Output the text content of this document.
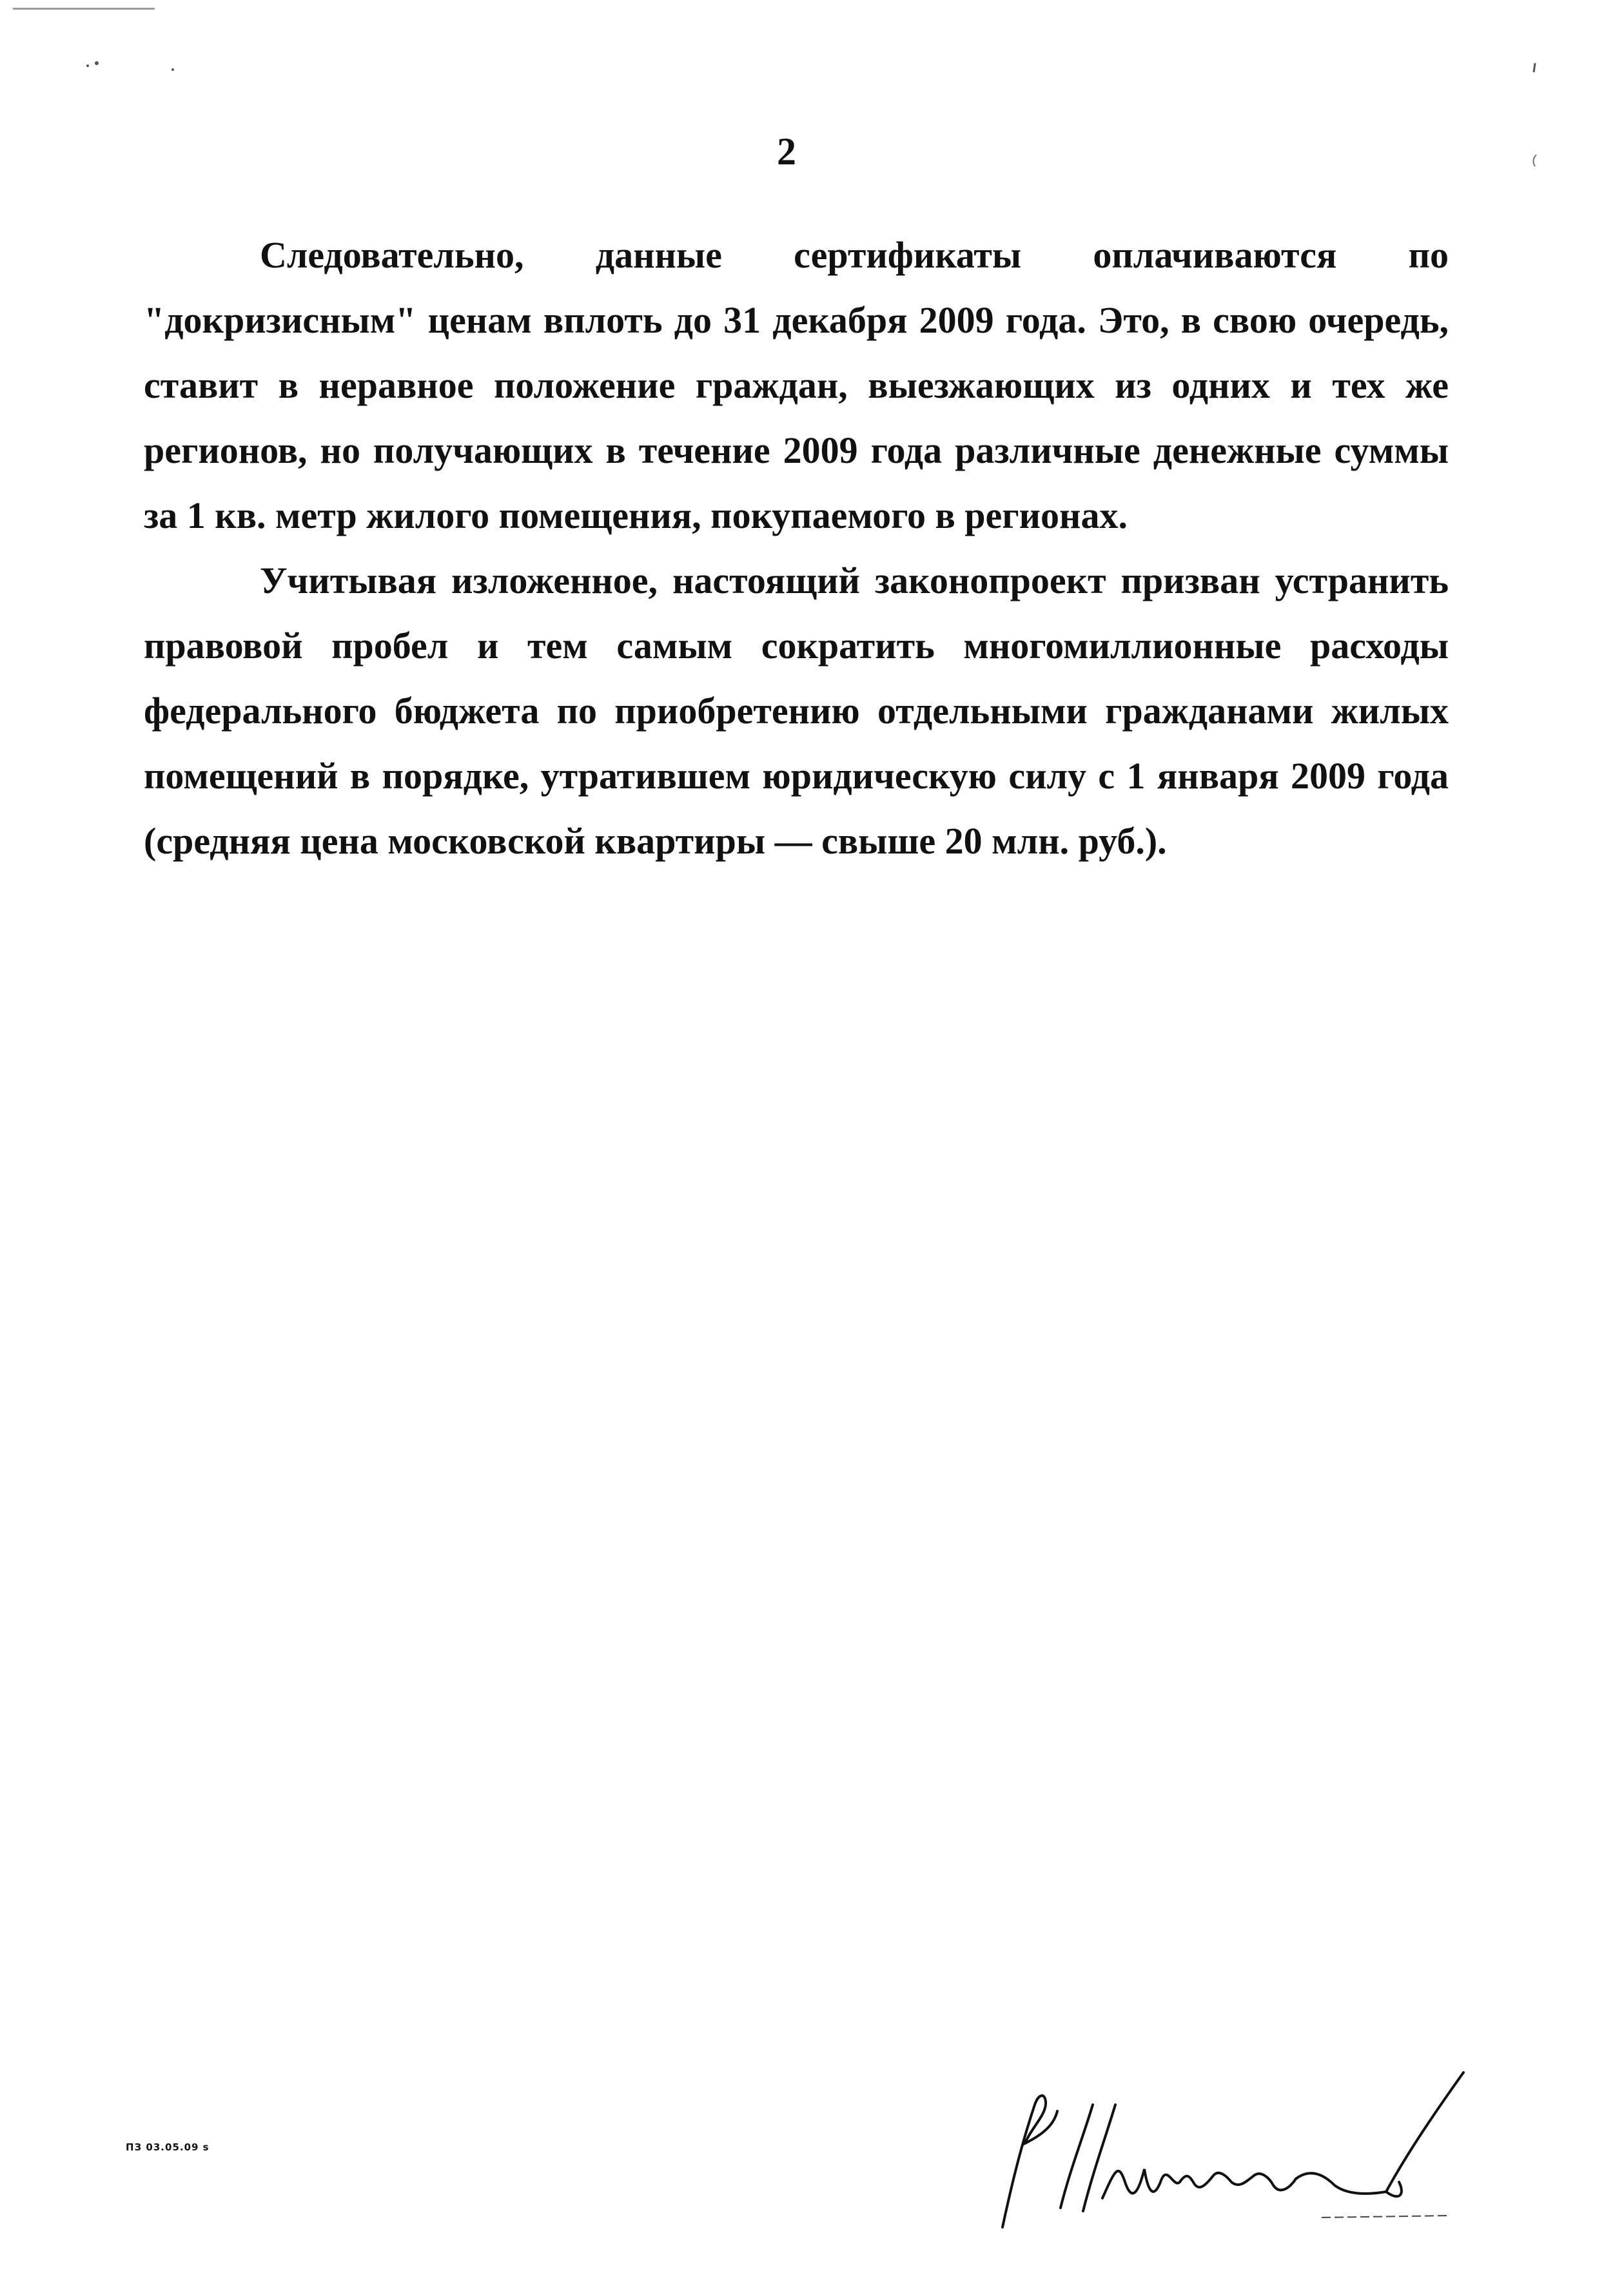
2

Следовательно, данные сертификаты оплачиваются по "докризисным" ценам вплоть до 31 декабря 2009 года. Это, в свою очередь, ставит в неравное положение граждан, выезжающих из одних и тех же регионов, но получающих в течение 2009 года различные денежные суммы за 1 кв. метр жилого помещения, покупаемого в регионах.

Учитывая изложенное, настоящий законопроект призван устранить правовой пробел и тем самым сократить многомиллионные расходы федерального бюджета по приобретению отдельными гражданами жилых помещений в порядке, утратившем юридическую силу с 1 января 2009 года (средняя цена московской квартиры — свыше 20 млн. руб.).

ПЗ 03.05.09 s
